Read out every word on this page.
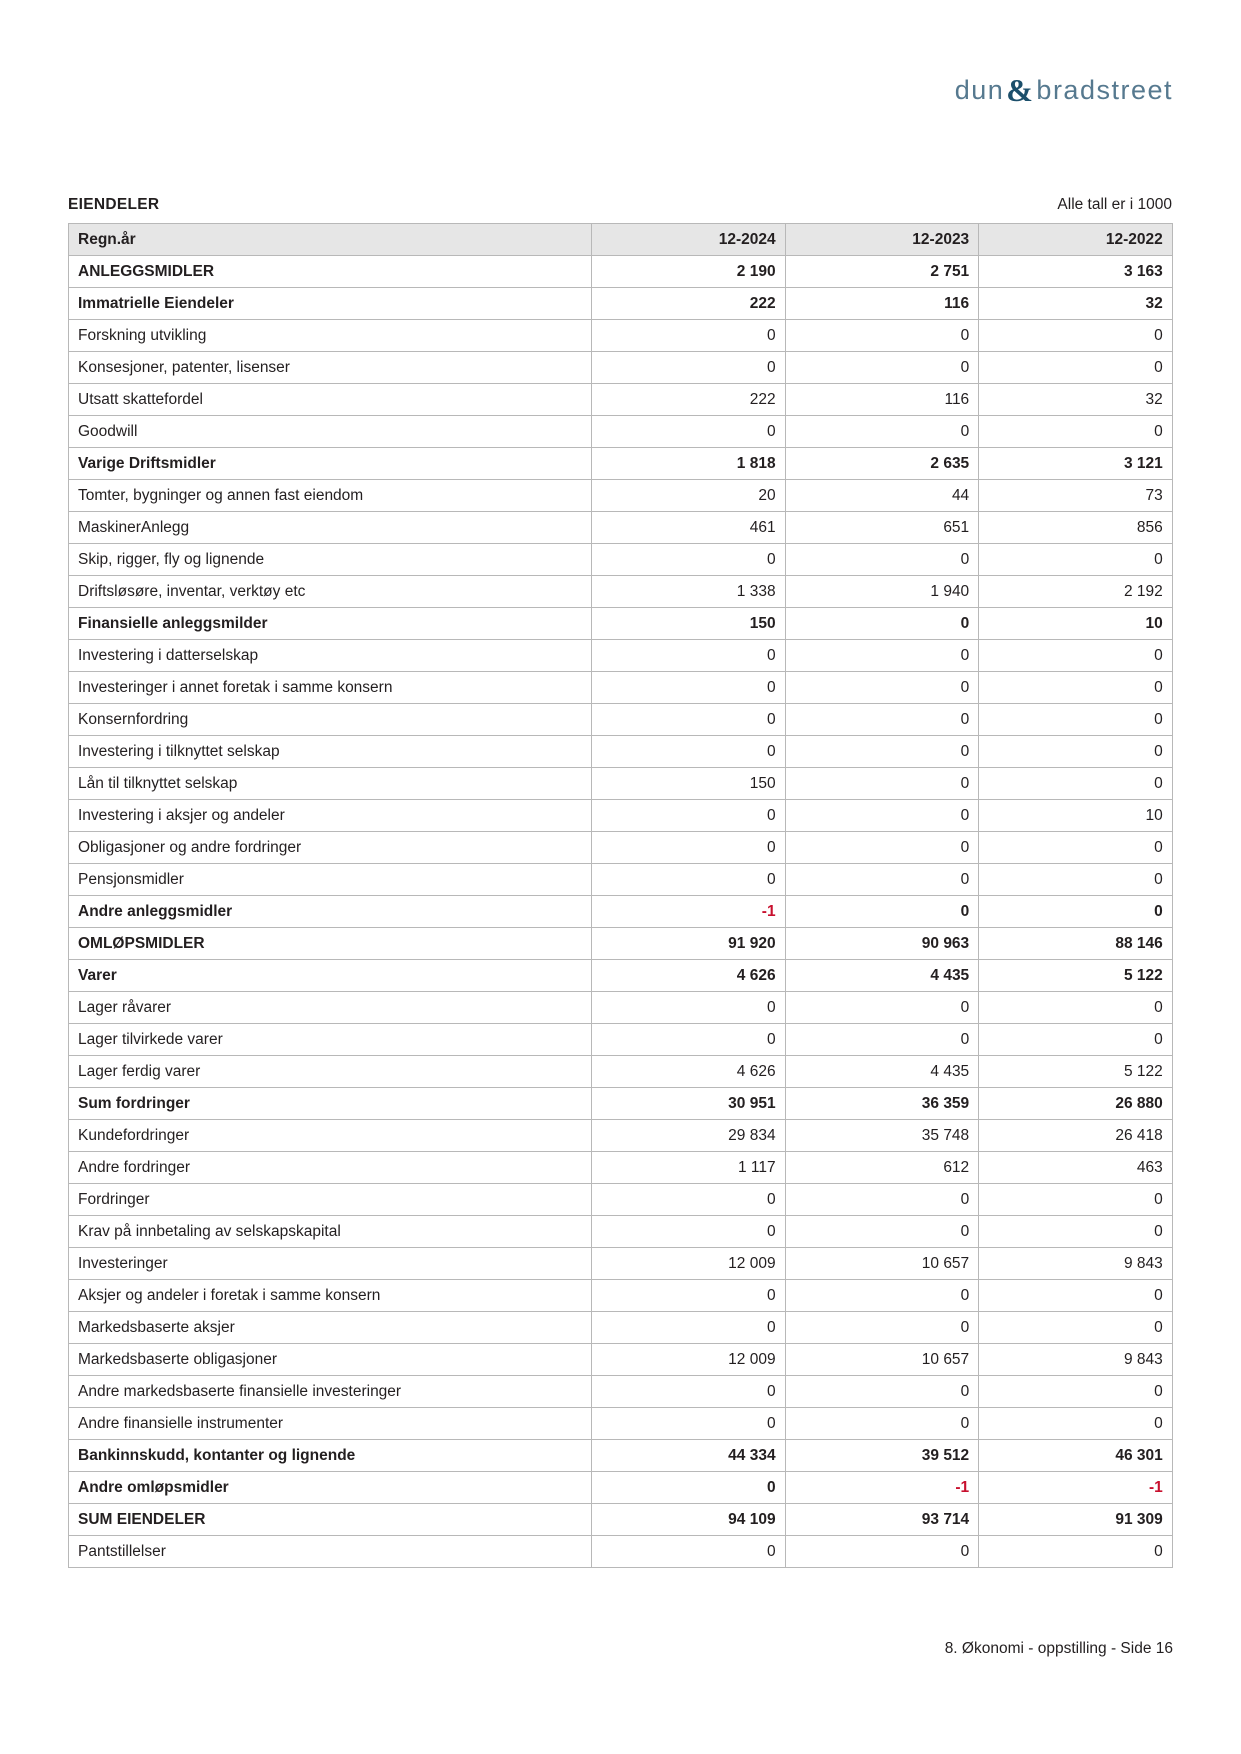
dun & bradstreet
EIENDELER	Alle tall er i 1000
Regn.år	12-2024	12-2023	12-2022
ANLEGGSMIDLER	2 190	2 751	3 163
Immatrielle Eiendeler	222	116	32
Forskning utvikling	0	0	0
Konsesjoner, patenter, lisenser	0	0	0
Utsatt skattefordel	222	116	32
Goodwill	0	0	0
Varige Driftsmidler	1 818	2 635	3 121
Tomter, bygninger og annen fast eiendom	20	44	73
MaskinerAnlegg	461	651	856
Skip, rigger, fly og lignende	0	0	0
Driftsløsøre, inventar, verktøy etc	1 338	1 940	2 192
Finansielle anleggsmilder	150	0	10
Investering i datterselskap	0	0	0
Investeringer i annet foretak i samme konsern	0	0	0
Konsernfordring	0	0	0
Investering i tilknyttet selskap	0	0	0
Lån til tilknyttet selskap	150	0	0
Investering i aksjer og andeler	0	0	10
Obligasjoner og andre fordringer	0	0	0
Pensjonsmidler	0	0	0
Andre anleggsmidler	-1	0	0
OMLØPSMIDLER	91 920	90 963	88 146
Varer	4 626	4 435	5 122
Lager råvarer	0	0	0
Lager tilvirkede varer	0	0	0
Lager ferdig varer	4 626	4 435	5 122
Sum fordringer	30 951	36 359	26 880
Kundefordringer	29 834	35 748	26 418
Andre fordringer	1 117	612	463
Fordringer	0	0	0
Krav på innbetaling av selskapskapital	0	0	0
Investeringer	12 009	10 657	9 843
Aksjer og andeler i foretak i samme konsern	0	0	0
Markedsbaserte aksjer	0	0	0
Markedsbaserte obligasjoner	12 009	10 657	9 843
Andre markedsbaserte finansielle investeringer	0	0	0
Andre finansielle instrumenter	0	0	0
Bankinnskudd, kontanter og lignende	44 334	39 512	46 301
Andre omløpsmidler	0	-1	-1
SUM EIENDELER	94 109	93 714	91 309
Pantstillelser	0	0	0
8. Økonomi - oppstilling - Side 16
